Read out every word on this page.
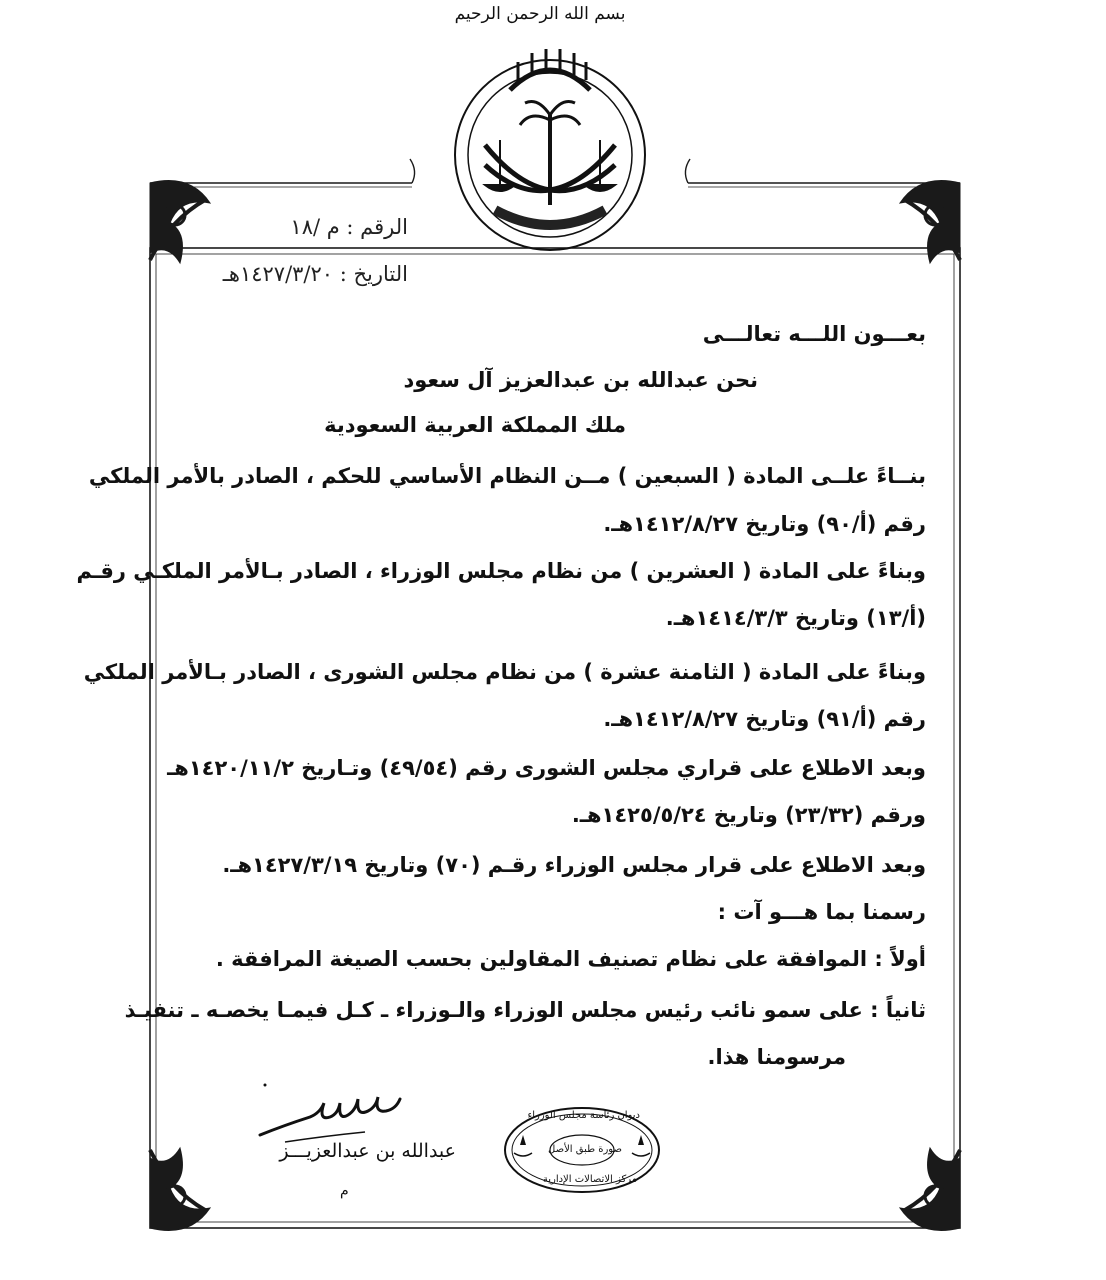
بسم الله الرحمن الرحيم
الرقم : م /١٨
التاريخ : ١٤٢٧/٣/٢٠هـ
بعـــون اللـــه تعالـــى
نحن عبدالله بن عبدالعزيز آل سعود
ملك المملكة العربية السعودية
بنــاءً علــى المادة ( السبعين ) مــن النظام الأساسي للحكم ، الصادر بالأمر الملكي
رقم (أ/٩٠) وتاريخ ١٤١٢/٨/٢٧هـ.
وبناءً على المادة ( العشرين ) من نظام مجلس الوزراء ، الصادر بـالأمر الملكـي رقـم
(أ/١٣) وتاريخ ١٤١٤/٣/٣هـ.
وبناءً على المادة ( الثامنة عشرة ) من نظام مجلس الشورى ، الصادر بـالأمر الملكي
رقم (أ/٩١) وتاريخ ١٤١٢/٨/٢٧هـ.
وبعد الاطلاع على قراري مجلس الشورى رقم (٤٩/٥٤) وتـاريخ ١٤٢٠/١١/٢هـ
ورقم (٢٣/٣٢) وتاريخ ١٤٢٥/٥/٢٤هـ.
وبعد الاطلاع على قرار مجلس الوزراء رقـم (٧٠) وتاريخ ١٤٢٧/٣/١٩هـ.
رسمنا بما هـــو آت :
أولاً : الموافقة على نظام تصنيف المقاولين بحسب الصيغة المرافقة .
ثانياً : على سمو نائب رئيس مجلس الوزراء والـوزراء ـ كـل فيمـا يخصـه ـ تنفيـذ
مرسومنا هذا.
عبدالله بن عبدالعزيـــز
م
ديوان رئاسة مجلس الوزراء
صورة طبق الأصل
مركز الاتصالات الإدارية
